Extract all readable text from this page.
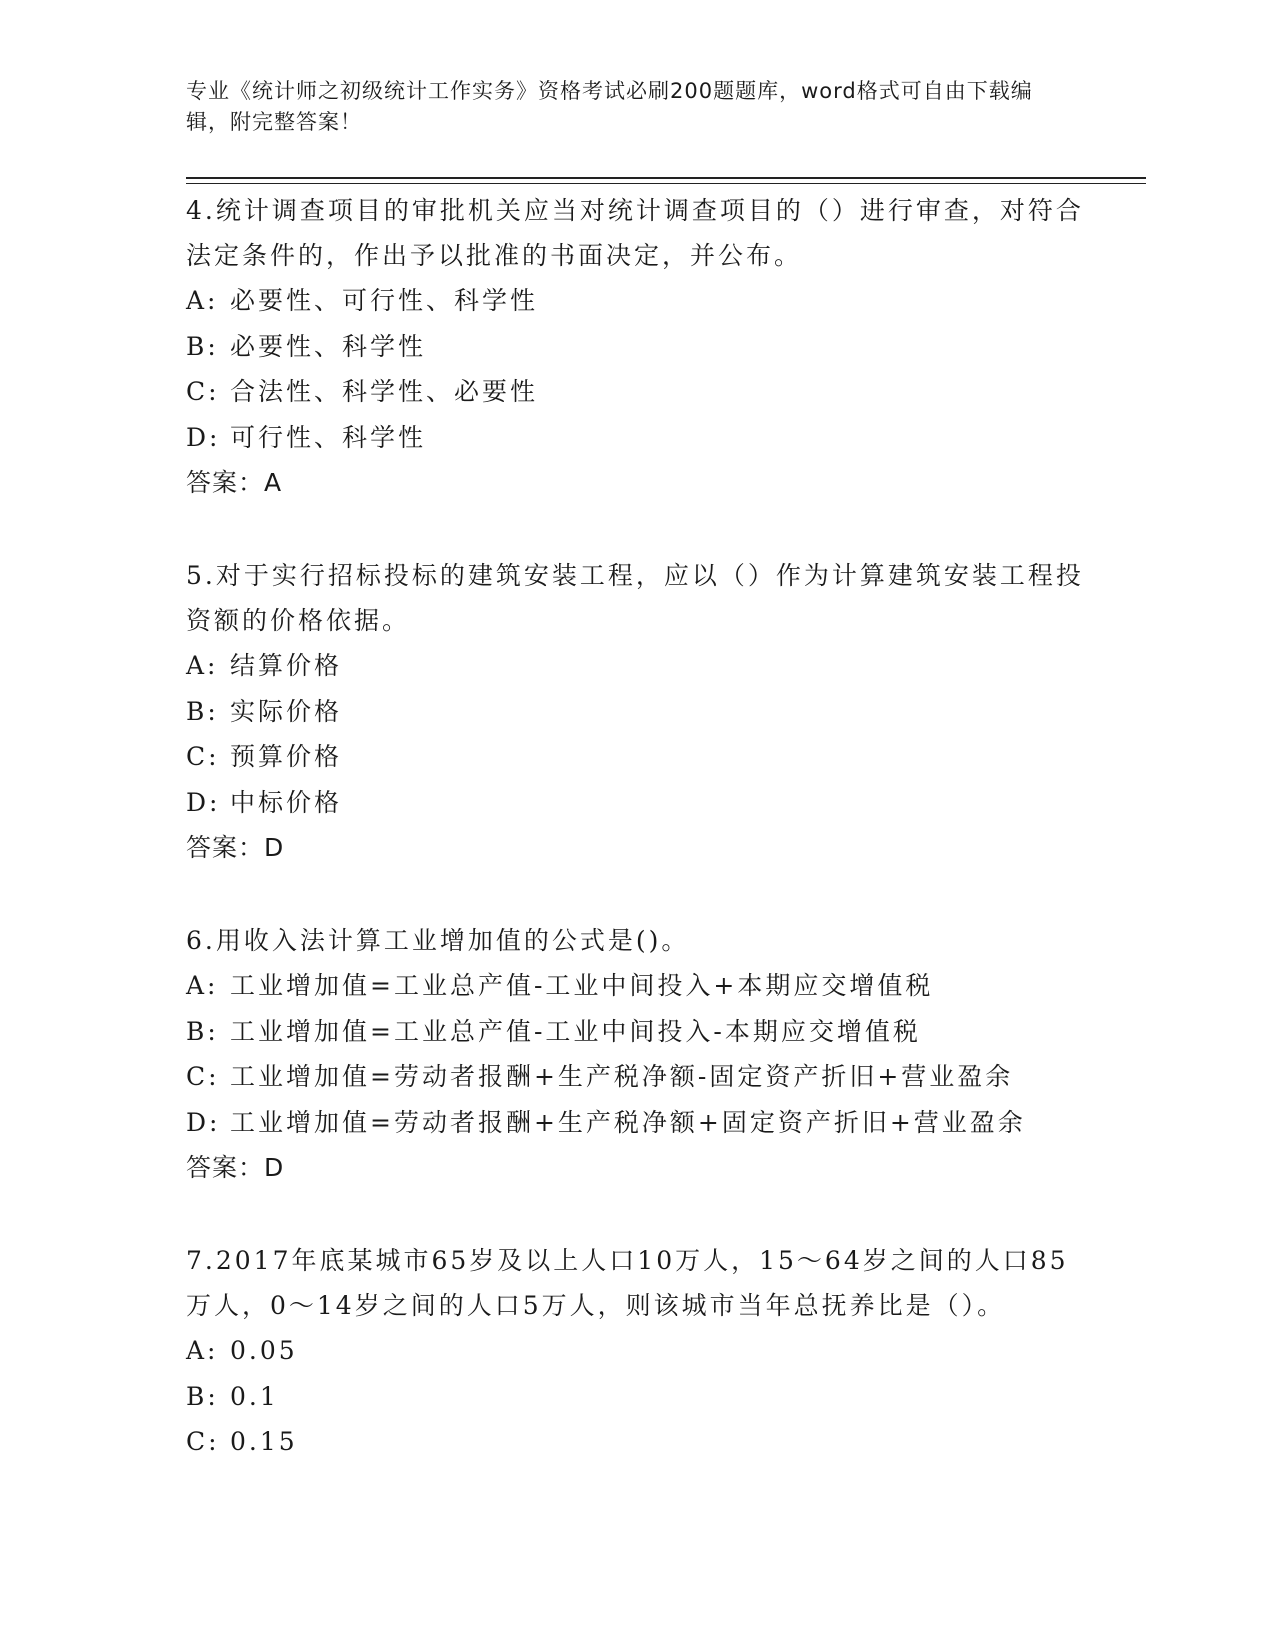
专业《统计师之初级统计工作实务》资格考试必刷200题题库，word格式可自由下载编辑，附完整答案！
4.统计调查项目的审批机关应当对统计调查项目的（）进行审查，对符合法定条件的，作出予以批准的书面决定，并公布。
A: 必要性、可行性、科学性
B: 必要性、科学性
C: 合法性、科学性、必要性
D: 可行性、科学性
答案：A
5.对于实行招标投标的建筑安装工程，应以（）作为计算建筑安装工程投资额的价格依据。
A: 结算价格
B: 实际价格
C: 预算价格
D: 中标价格
答案：D
6.用收入法计算工业增加值的公式是()。
A: 工业增加值=工业总产值-工业中间投入+本期应交增值税
B: 工业增加值=工业总产值-工业中间投入-本期应交增值税
C: 工业增加值=劳动者报酬+生产税净额-固定资产折旧+营业盈余
D: 工业增加值=劳动者报酬+生产税净额+固定资产折旧+营业盈余
答案：D
7.2017年底某城市65岁及以上人口10万人，15～64岁之间的人口85万人，0～14岁之间的人口5万人，则该城市当年总抚养比是（）。
A: 0.05
B: 0.1
C: 0.15
